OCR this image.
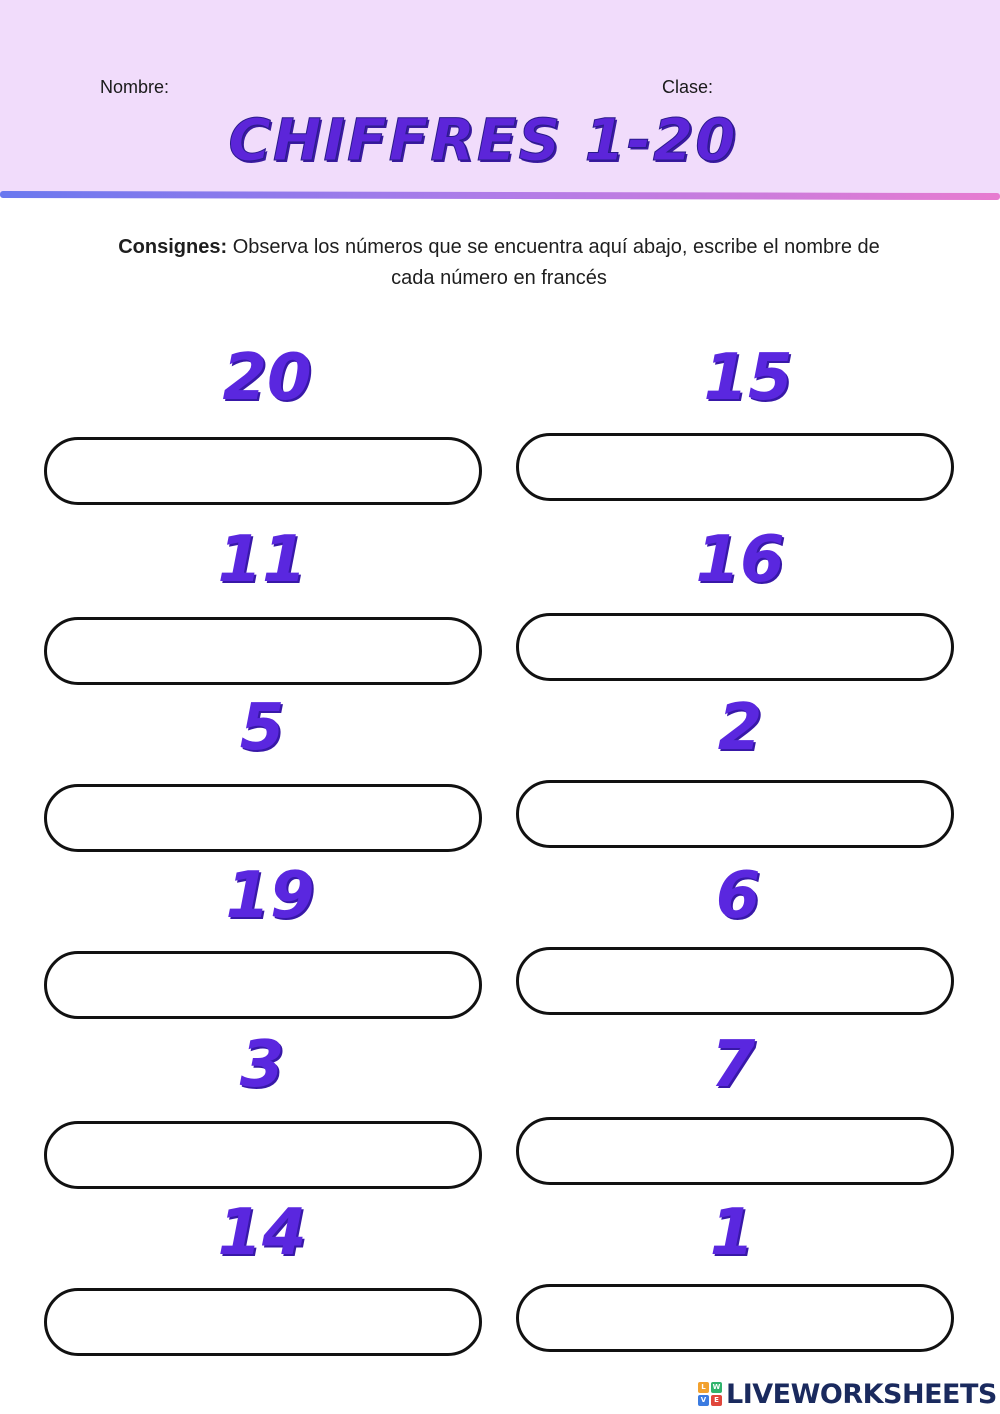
Nombre:	Clase:
CHIFFRES 1-20
Consignes: Observa los números que se encuentra aquí abajo, escribe el nombre de cada número en francés
20	15
11	16
5	2
19	6
3	7
14	1
L W
V	E LIVEWORKSHEETS
